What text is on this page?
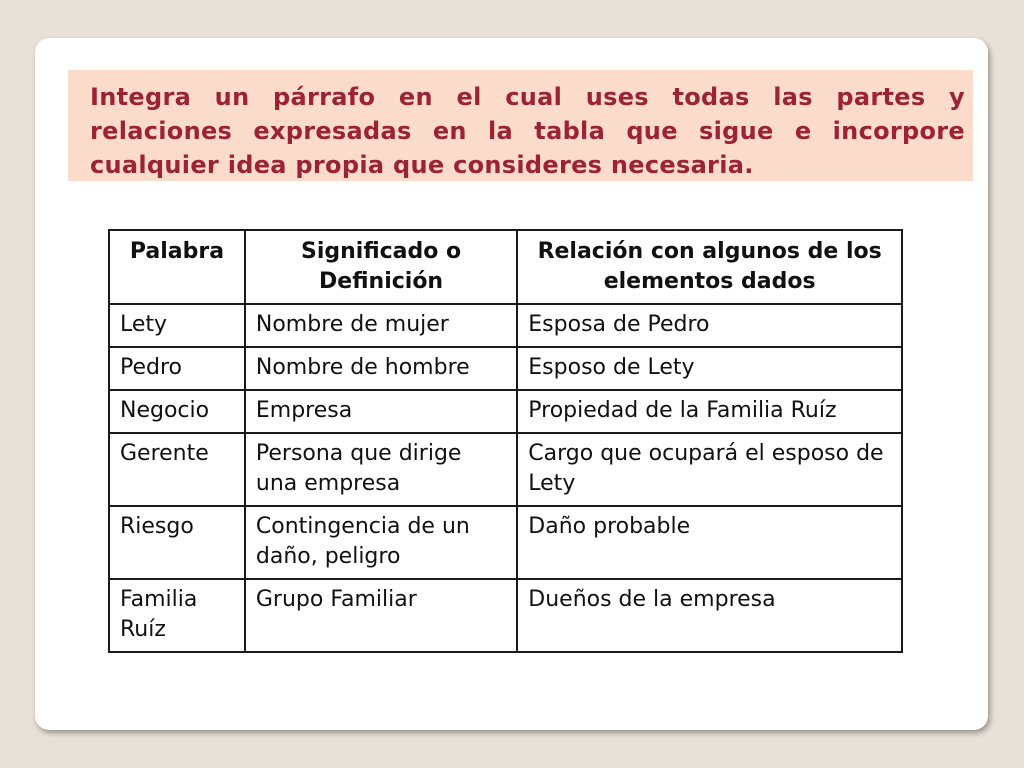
Integra un párrafo en el cual uses todas las partes y relaciones expresadas en la tabla que sigue e incorpore cualquier idea propia que consideres necesaria.

Palabra	Significado o Definición	Relación con algunos de los elementos dados
Lety	Nombre de mujer	Esposa de Pedro
Pedro	Nombre de hombre	Esposo de Lety
Negocio	Empresa	Propiedad de la Familia Ruíz
Gerente	Persona que dirige una empresa	Cargo que ocupará el esposo de Lety
Riesgo	Contingencia de un daño, peligro	Daño probable
Familia Ruíz	Grupo Familiar	Dueños de la empresa
